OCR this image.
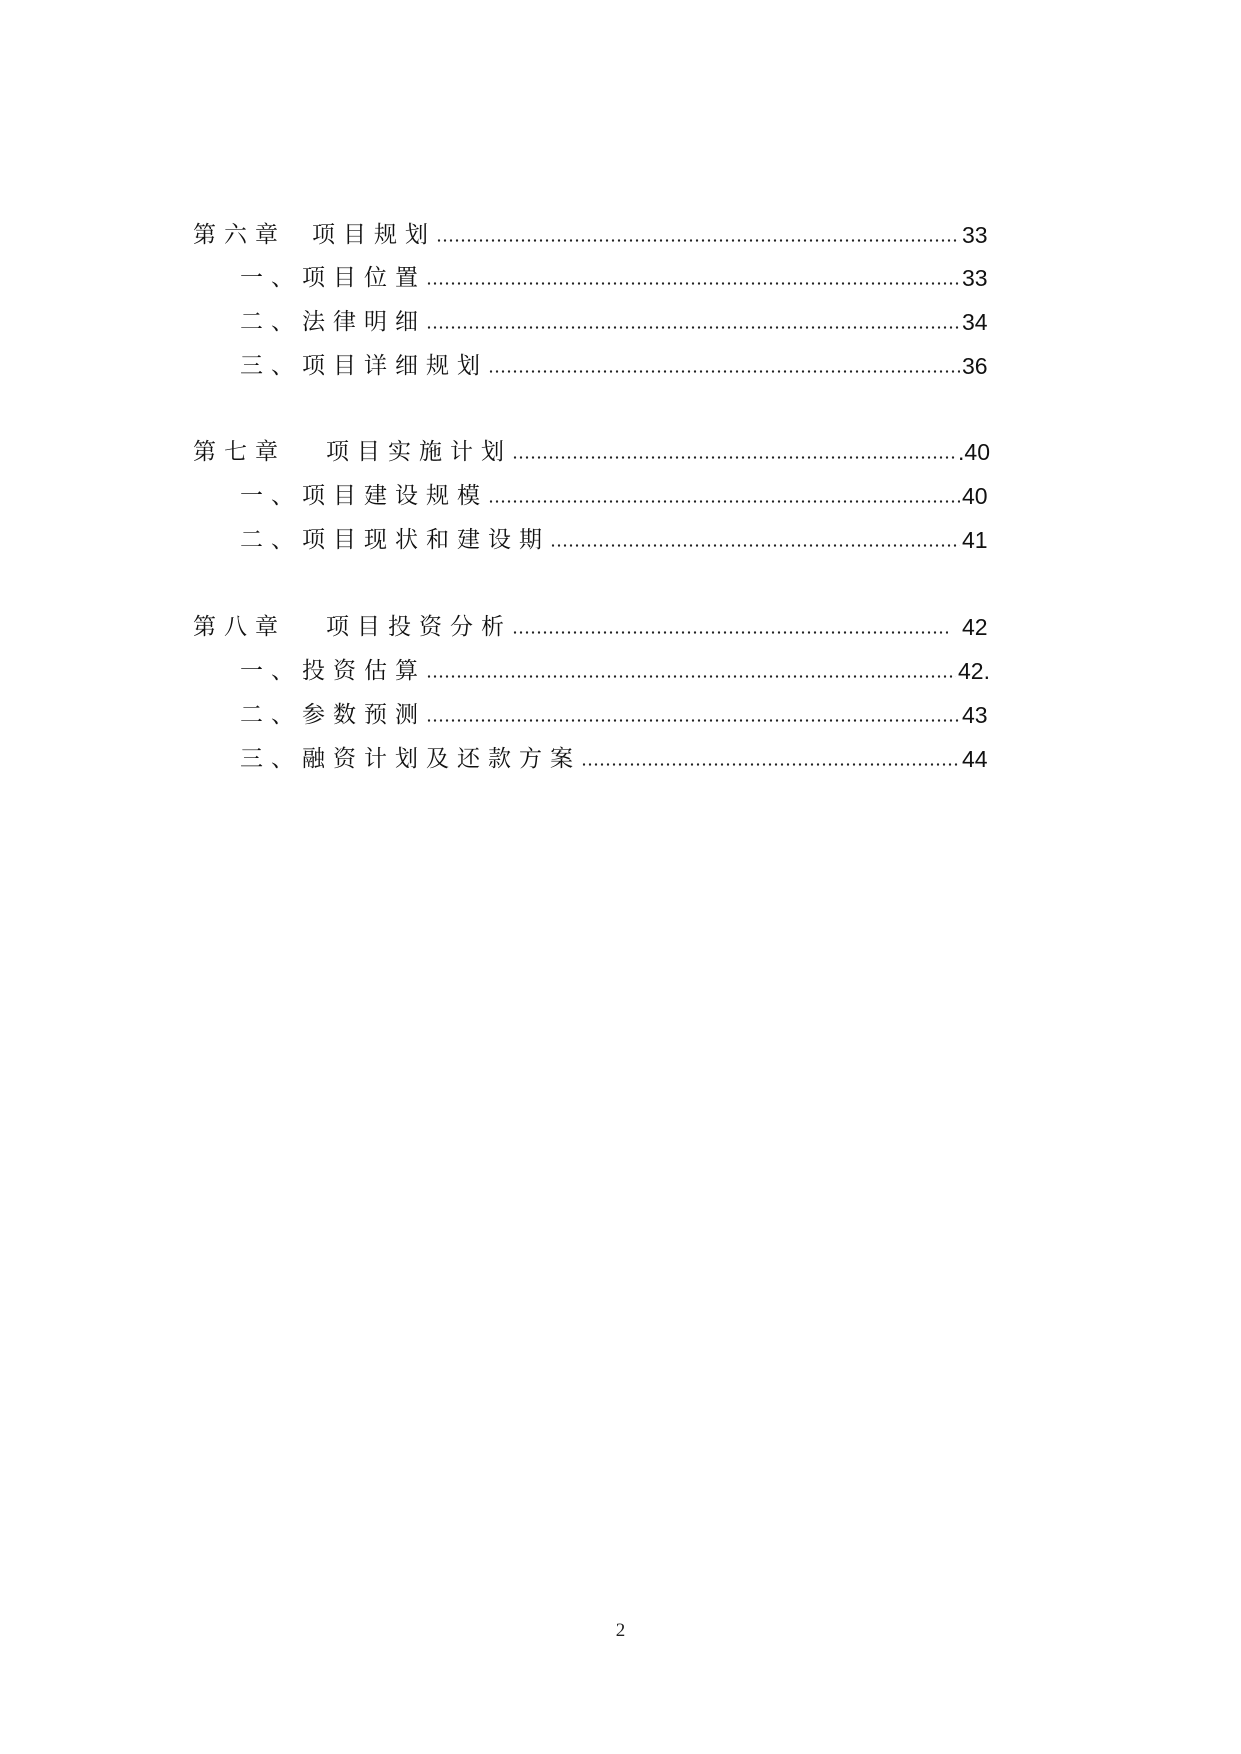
第六章 项目规划	33
一、项目位置	33
二、法律明细	34
三、项目详细规划	36
第七章 项目实施计划	.40
一、项目建设规模	40
二、项目现状和建设期	41
第八章 项目投资分析	42
一、投资估算	42.
二、参数预测	43
三、融资计划及还款方案	44
2
